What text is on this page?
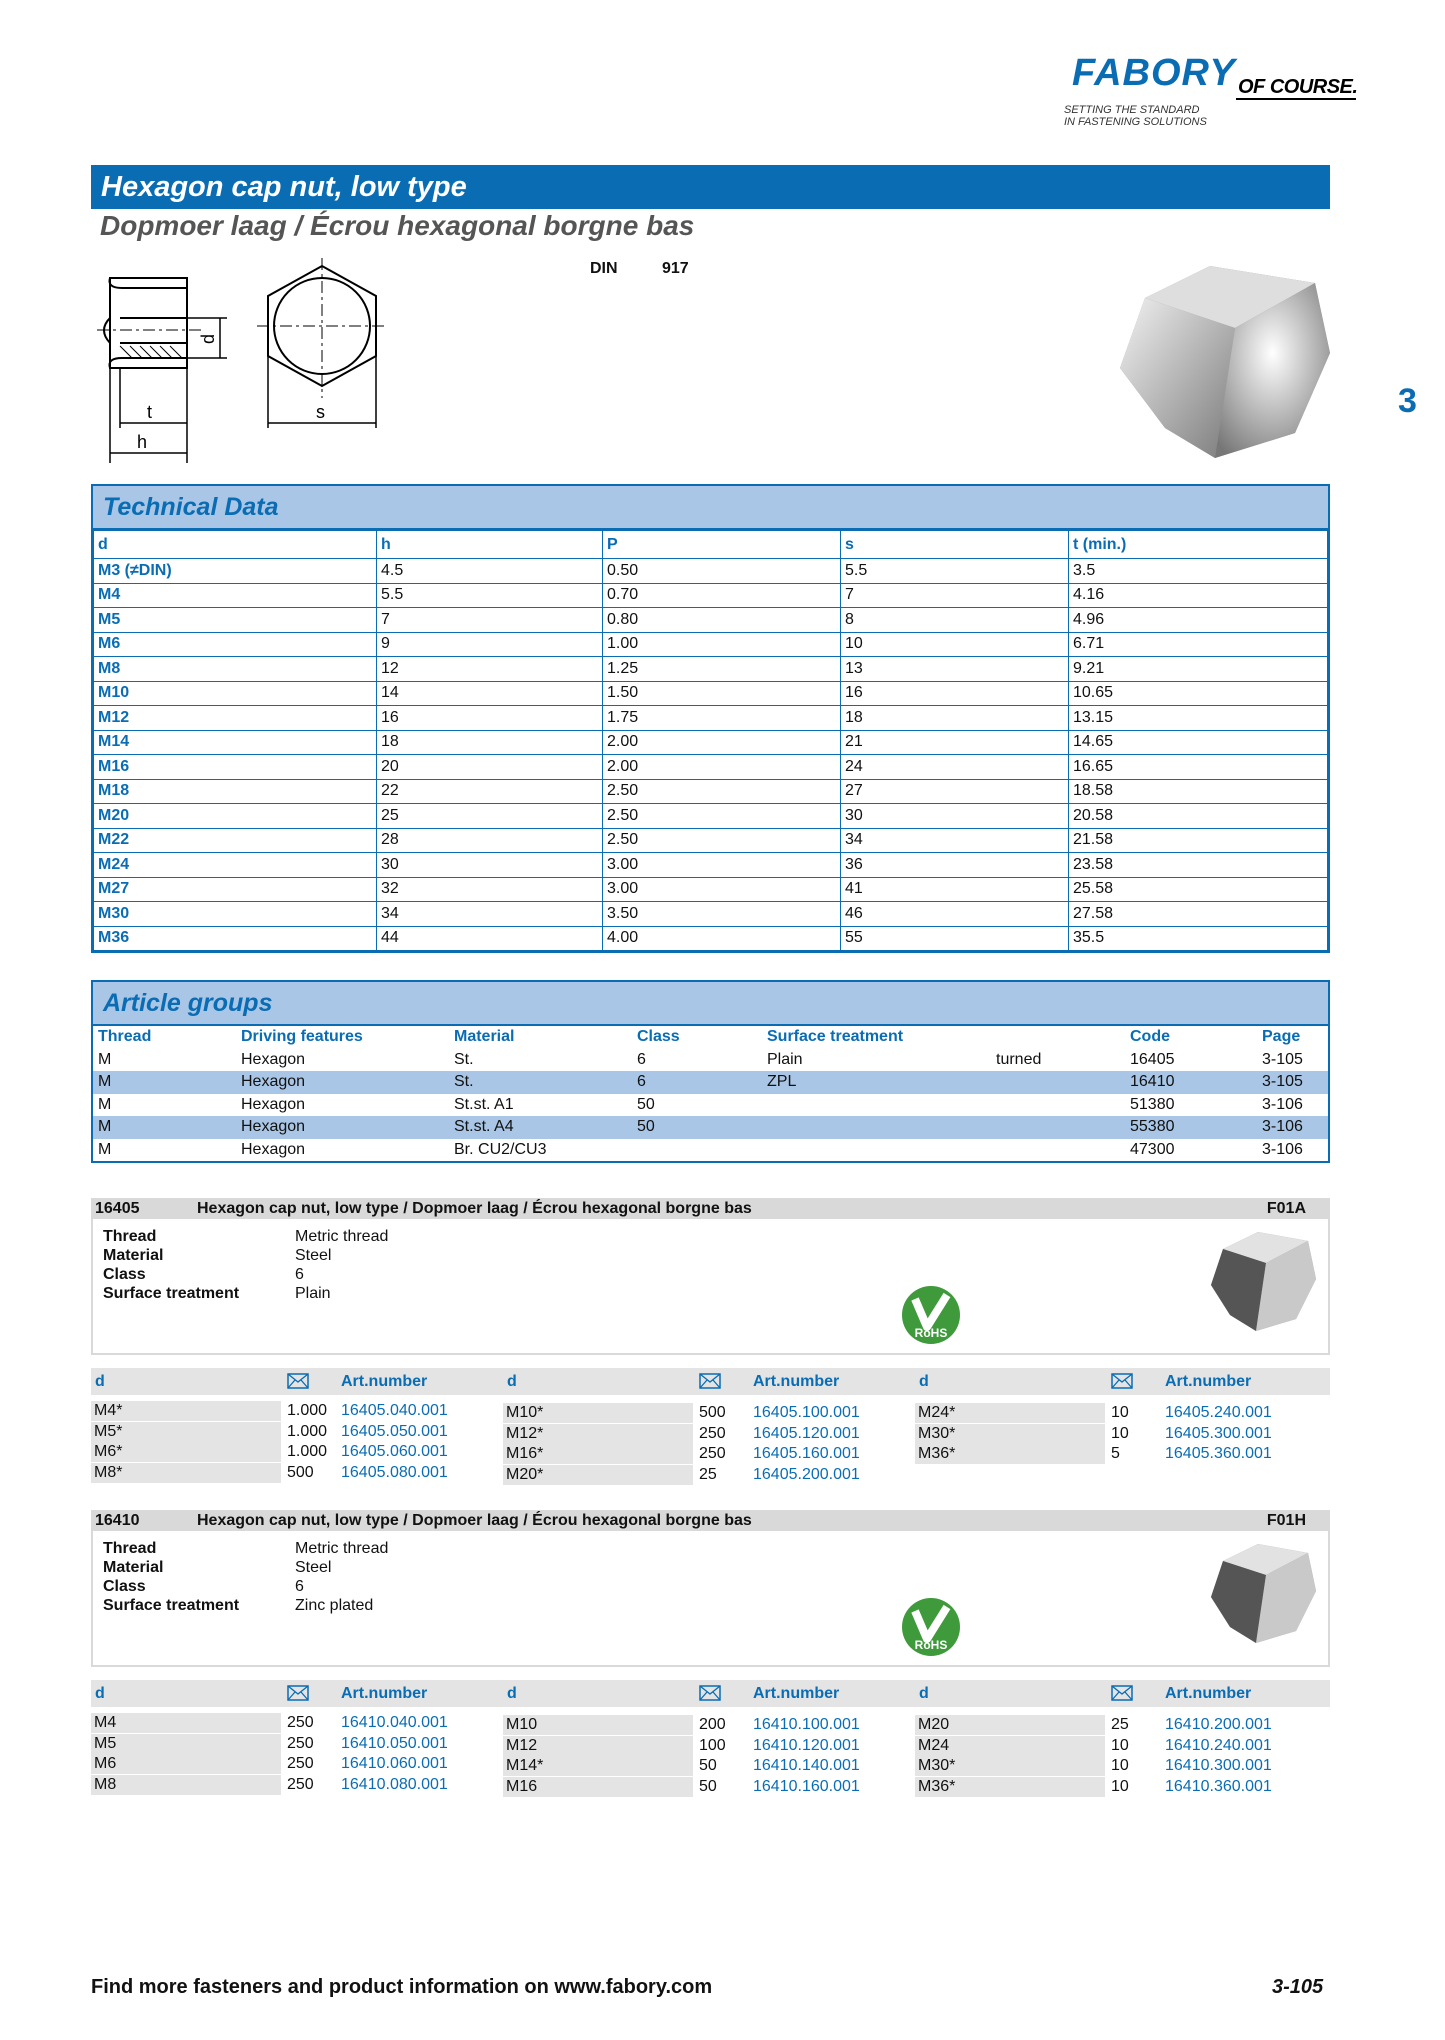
FABORY OF COURSE.
SETTING THE STANDARD
IN FASTENING SOLUTIONS
3
Hexagon cap nut, low type
Dopmoer laag / Écrou hexagonal borgne bas
t
h
d
s
DIN	917
Technical Data
d	h	P	s	t (min.)
M3 (≠DIN)	4.5	0.50	5.5	3.5
M4	5.5	0.70	7	4.16
M5	7	0.80	8	4.96
M6	9	1.00	10	6.71
M8	12	1.25	13	9.21
M10	14	1.50	16	10.65
M12	16	1.75	18	13.15
M14	18	2.00	21	14.65
M16	20	2.00	24	16.65
M18	22	2.50	27	18.58
M20	25	2.50	30	20.58
M22	28	2.50	34	21.58
M24	30	3.00	36	23.58
M27	32	3.00	41	25.58
M30	34	3.50	46	27.58
M36	44	4.00	55	35.5
Article groups
Thread	Driving features	Material	Class	Surface treatment		Code	Page
M	Hexagon	St.	6	Plain	turned	16405	3-105
M	Hexagon	St.	6	ZPL		16410	3-105
M	Hexagon	St.st. A1	50			51380	3-106
M	Hexagon	St.st. A4	50			55380	3-106
M	Hexagon	Br. CU2/CU3				47300	3-106
16405	Hexagon cap nut, low type / Dopmoer laag / Écrou hexagonal borgne bas	F01A
Thread	Metric thread
Material	Steel
Class	6
Surface treatment	Plain
RoHS
d	Art.number
M4*	1.000 16405.040.001
M5*	1.000 16405.050.001
M6*	1.000 16405.060.001
M8*	500	16405.080.001
d	Art.number
M10*	500	16405.100.001
M12*	250	16405.120.001
M16*	250	16405.160.001
M20*	25	16405.200.001
d	Art.number
M24*	10	16405.240.001
M30*	10	16405.300.001
M36*	5	16405.360.001
16410	Hexagon cap nut, low type / Dopmoer laag / Écrou hexagonal borgne bas	F01H
Thread	Metric thread
Material	Steel
Class	6
Surface treatment	Zinc plated
RoHS
d	Art.number
M4	250	16410.040.001
M5	250	16410.050.001
M6	250	16410.060.001
M8	250	16410.080.001
d	Art.number
M10	200	16410.100.001
M12	100	16410.120.001
M14*	50	16410.140.001
M16	50	16410.160.001
d	Art.number
M20	25	16410.200.001
M24	10	16410.240.001
M30*	10	16410.300.001
M36*	10	16410.360.001
Find more fasteners and product information on www.fabory.com	3-105
